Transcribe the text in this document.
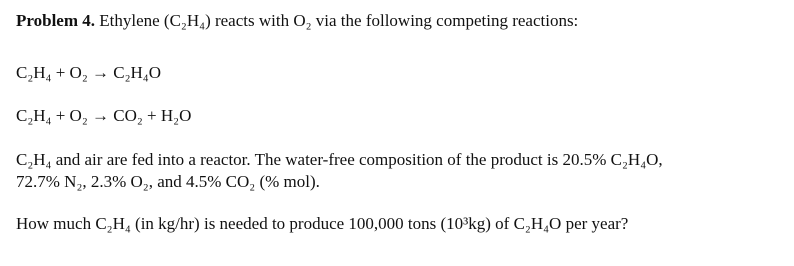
Problem 4. Ethylene (C₂H₄) reacts with O₂ via the following competing reactions:
C₂H₄ + O₂ → C₂H₄O
C₂H₄ + O₂ → CO₂ + H₂O
C₂H₄ and air are fed into a reactor. The water-free composition of the product is 20.5% C₂H₄O,
72.7% N₂, 2.3% O₂, and 4.5% CO₂ (% mol).
How much C₂H₄ (in kg/hr) is needed to produce 100,000 tons (10³kg) of C₂H₄O per year?
